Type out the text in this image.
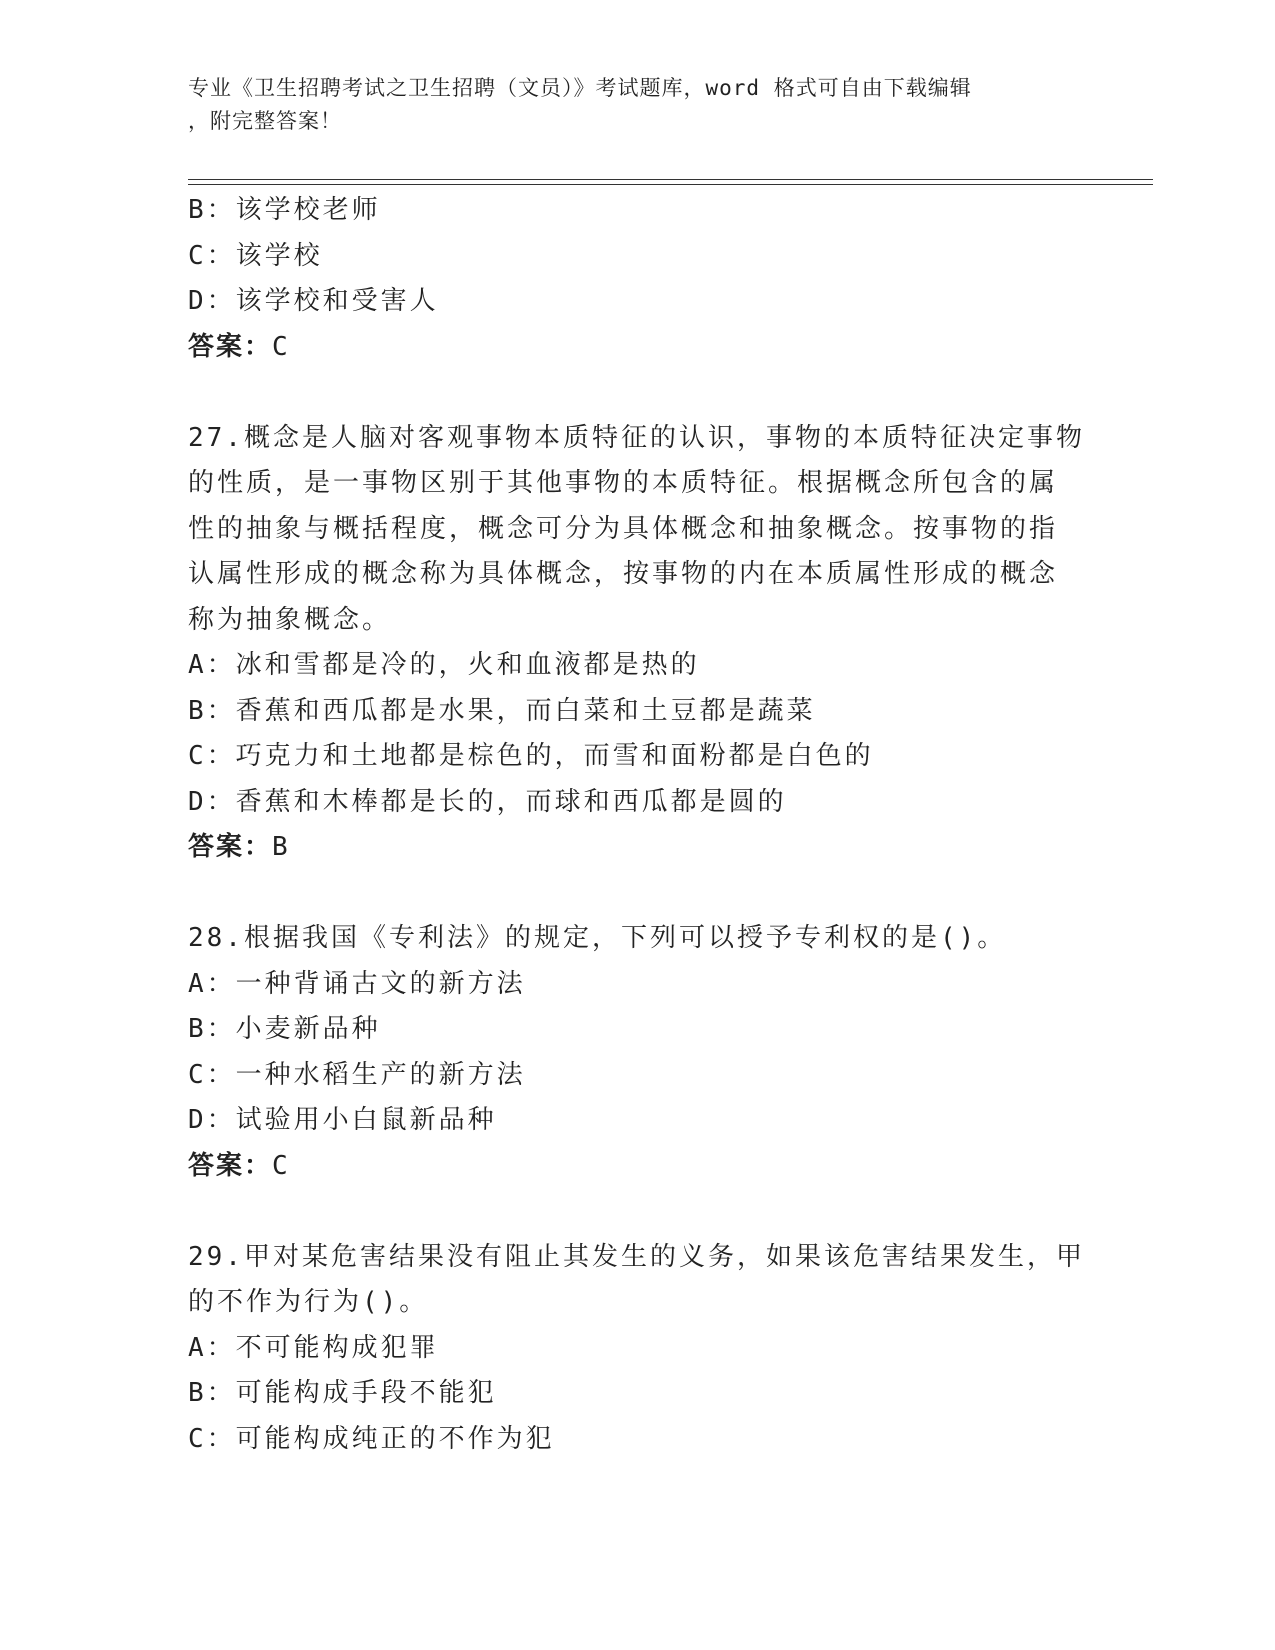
专业《卫生招聘考试之卫生招聘（文员）》考试题库，word 格式可自由下载编辑
，附完整答案！
B：该学校老师
C：该学校
D：该学校和受害人
答案：C
27.概念是人脑对客观事物本质特征的认识，事物的本质特征决定事物
的性质，是一事物区别于其他事物的本质特征。根据概念所包含的属
性的抽象与概括程度，概念可分为具体概念和抽象概念。按事物的指
认属性形成的概念称为具体概念，按事物的内在本质属性形成的概念
称为抽象概念。
A：冰和雪都是冷的，火和血液都是热的
B：香蕉和西瓜都是水果，而白菜和土豆都是蔬菜
C：巧克力和土地都是棕色的，而雪和面粉都是白色的
D：香蕉和木棒都是长的，而球和西瓜都是圆的
答案：B
28.根据我国《专利法》的规定，下列可以授予专利权的是()。
A：一种背诵古文的新方法
B：小麦新品种
C：一种水稻生产的新方法
D：试验用小白鼠新品种
答案：C
29.甲对某危害结果没有阻止其发生的义务，如果该危害结果发生，甲
的不作为行为()。
A：不可能构成犯罪
B：可能构成手段不能犯
C：可能构成纯正的不作为犯
